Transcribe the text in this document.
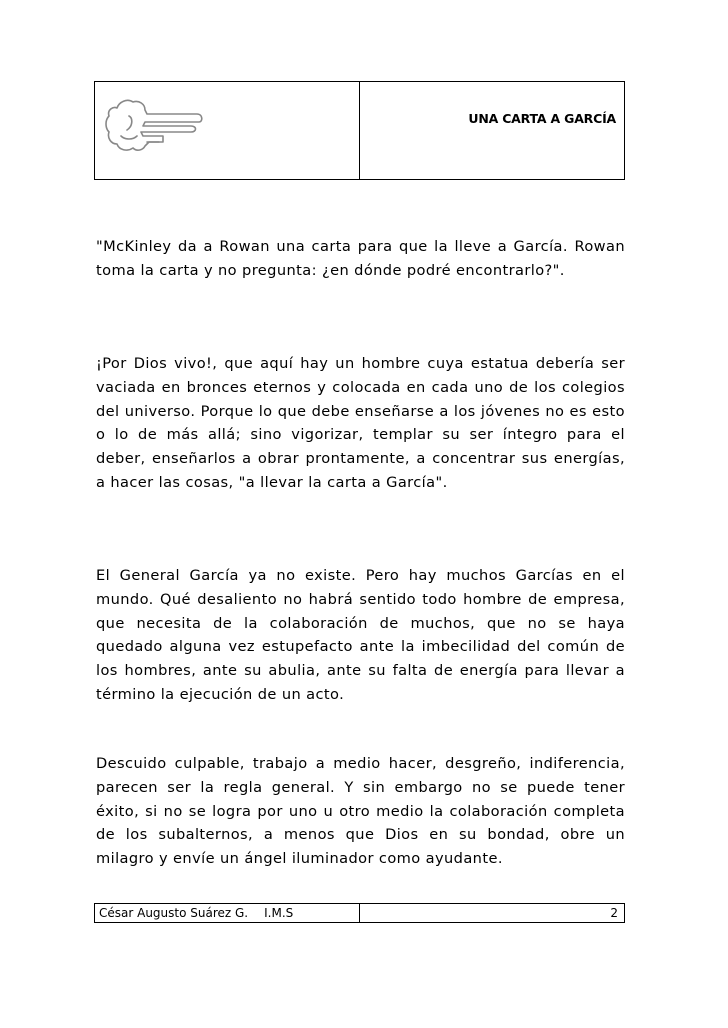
UNA CARTA A GARCÍA
"McKinley da a Rowan una carta para que la lleve a García. Rowan toma la carta y no pregunta: ¿en dónde podré encontrarlo?".
¡Por Dios vivo!, que aquí hay un hombre cuya estatua debería ser vaciada en bronces eternos y colocada en cada uno de los colegios del universo. Porque lo que debe enseñarse a los jóvenes no es esto o lo de más allá; sino vigorizar, templar su ser íntegro para el deber, enseñarlos a obrar prontamente, a concentrar sus energías, a hacer las cosas, "a llevar la carta a García".
El General García ya no existe. Pero hay muchos Garcías en el mundo. Qué desaliento no habrá sentido todo hombre de empresa, que necesita de la colaboración de muchos, que no se haya quedado alguna vez estupefacto ante la imbecilidad del común de los hombres, ante su abulia, ante su falta de energía para llevar a término la ejecución de un acto.
Descuido culpable, trabajo a medio hacer, desgreño, indiferencia, parecen ser la regla general. Y sin embargo no se puede tener éxito, si no se logra por uno u otro medio la colaboración completa de los subalternos, a menos que Dios en su bondad, obre un milagro y envíe un ángel iluminador como ayudante.
César Augusto Suárez G. I.M.S	2
